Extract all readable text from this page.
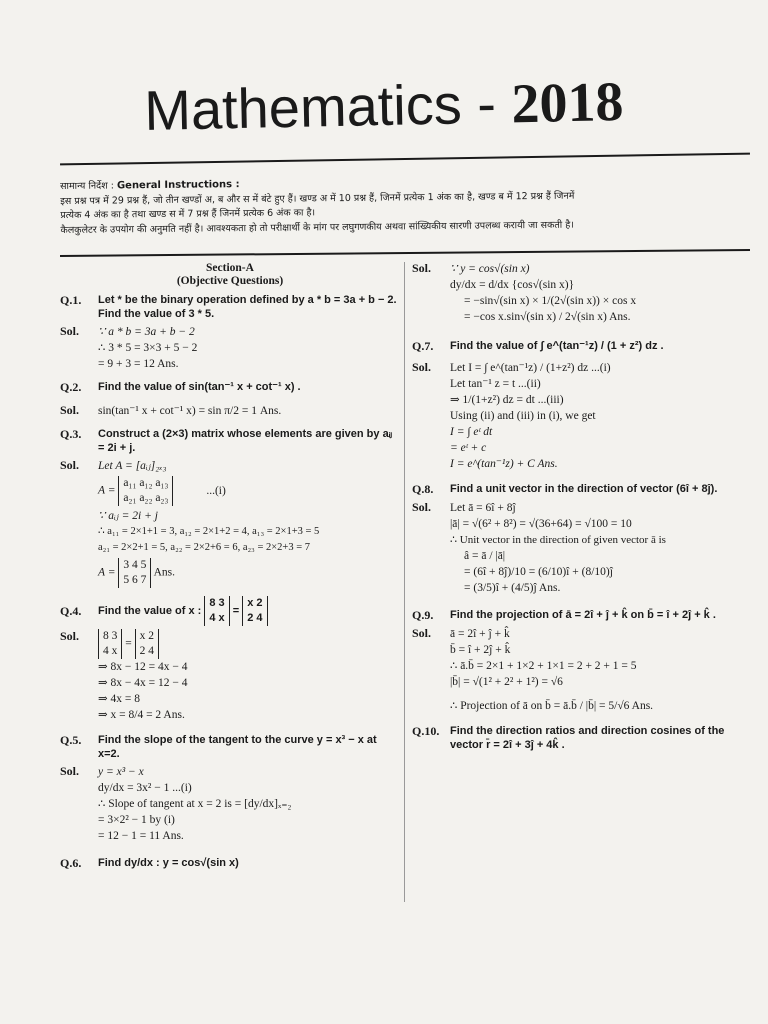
Mathematics - 2018
सामान्य निर्देश : General Instructions :
इस प्रश्न पत्र में 29 प्रश्न हैं, जो तीन खण्डों अ, ब और स में बंटे हुए हैं। खण्ड अ में 10 प्रश्न हैं, जिनमें प्रत्येक 1 अंक का है, खण्ड ब में 12 प्रश्न हैं जिनमें
प्रत्येक 4 अंक का है तथा खण्ड स में 7 प्रश्न हैं जिनमें प्रत्येक 6 अंक का है।
कैलकुलेटर के उपयोग की अनुमति नहीं है। आवश्यकता हो तो परीक्षार्थी के मांग पर लघुगणकीय अथवा सांख्यिकीय सारणी उपलब्ध करायी जा सकती है।
Section-A
(Objective Questions)
Q.1.	Let * be the binary operation defined by a * b = 3a + b − 2. Find the value of 3 * 5.
Sol.	∵ a * b = 3a + b − 2
∴ 3 * 5 = 3×3 + 5 − 2
= 9 + 3 = 12 Ans.
Q.2.	Find the value of sin(tan⁻¹ x + cot⁻¹ x) .
Sol.	sin(tan⁻¹ x + cot⁻¹ x) = sin π/2 = 1 Ans.
Q.3.	Construct a (2×3) matrix whose elements are given by aᵢⱼ = 2i + j.
Sol.	Let A = [aᵢⱼ]₂ₓ₃
A =
a₁₁ a₁₂ a₁₃
a₂₁ a₂₂ a₂₃
...(i)
∵ aᵢⱼ = 2i + j
∴ a₁₁ = 2×1+1 = 3, a₁₂ = 2×1+2 = 4, a₁₃ = 2×1+3 = 5
a₂₁ = 2×2+1 = 5, a₂₂ = 2×2+6 = 6, a₂₃ = 2×2+3 = 7
A =
3 4 5
5 6 7
Ans.
Q.4.	Find the value of x :
8 3
4 x
=
x 2
2 4
Sol.	8 3
4 x
=
x 2
2 4
⇒ 8x − 12 = 4x − 4
⇒ 8x − 4x = 12 − 4
⇒ 4x = 8
⇒ x = 8/4 = 2 Ans.
Q.5.	Find the slope of the tangent to the curve y = x³ − x at x=2.
Sol.	y = x³ − x
dy/dx = 3x² − 1 ...(i)
∴ Slope of tangent at x = 2 is = [dy/dx]ₓ₌₂
= 3×2² − 1 by (i)
= 12 − 1 = 11 Ans.
Q.6.	Find dy/dx : y = cos√(sin x)
Sol.	∵ y = cos√(sin x)
dy/dx = d/dx {cos√(sin x)}
= −sin√(sin x) × 1/(2√(sin x)) × cos x
= −cos x.sin√(sin x) / 2√(sin x) Ans.
Q.7.	Find the value of ∫ e^(tan⁻¹z) / (1 + z²) dz .
Sol.	Let I = ∫ e^(tan⁻¹z) / (1+z²) dz ...(i)
Let tan⁻¹ z = t ...(ii)
⇒ 1/(1+z²) dz = dt ...(iii)
Using (ii) and (iii) in (i), we get
I = ∫ eᵗ dt
= eᵗ + c
I = e^(tan⁻¹z) + C Ans.
Q.8.	Find a unit vector in the direction of vector (6î + 8ĵ).
Sol.	Let ā = 6î + 8ĵ
|ā| = √(6² + 8²) = √(36+64) = √100 = 10
∴ Unit vector in the direction of given vector ā is
â = ā / |ā|
= (6î + 8ĵ)/10 = (6/10)î + (8/10)ĵ
= (3/5)î + (4/5)ĵ Ans.
Q.9.	Find the projection of ā = 2î + ĵ + k̂ on b̄ = î + 2ĵ + k̂ .
Sol.	ā = 2î + ĵ + k̂
b̄ = î + 2ĵ + k̂
∴ ā.b̄ = 2×1 + 1×2 + 1×1 = 2 + 2 + 1 = 5
|b̄| = √(1² + 2² + 1²) = √6
∴ Projection of ā on b̄ = ā.b̄ / |b̄| = 5/√6 Ans.
Q.10. Find the direction ratios and direction cosines of the vector r̄ = 2î + 3ĵ + 4k̂ .
